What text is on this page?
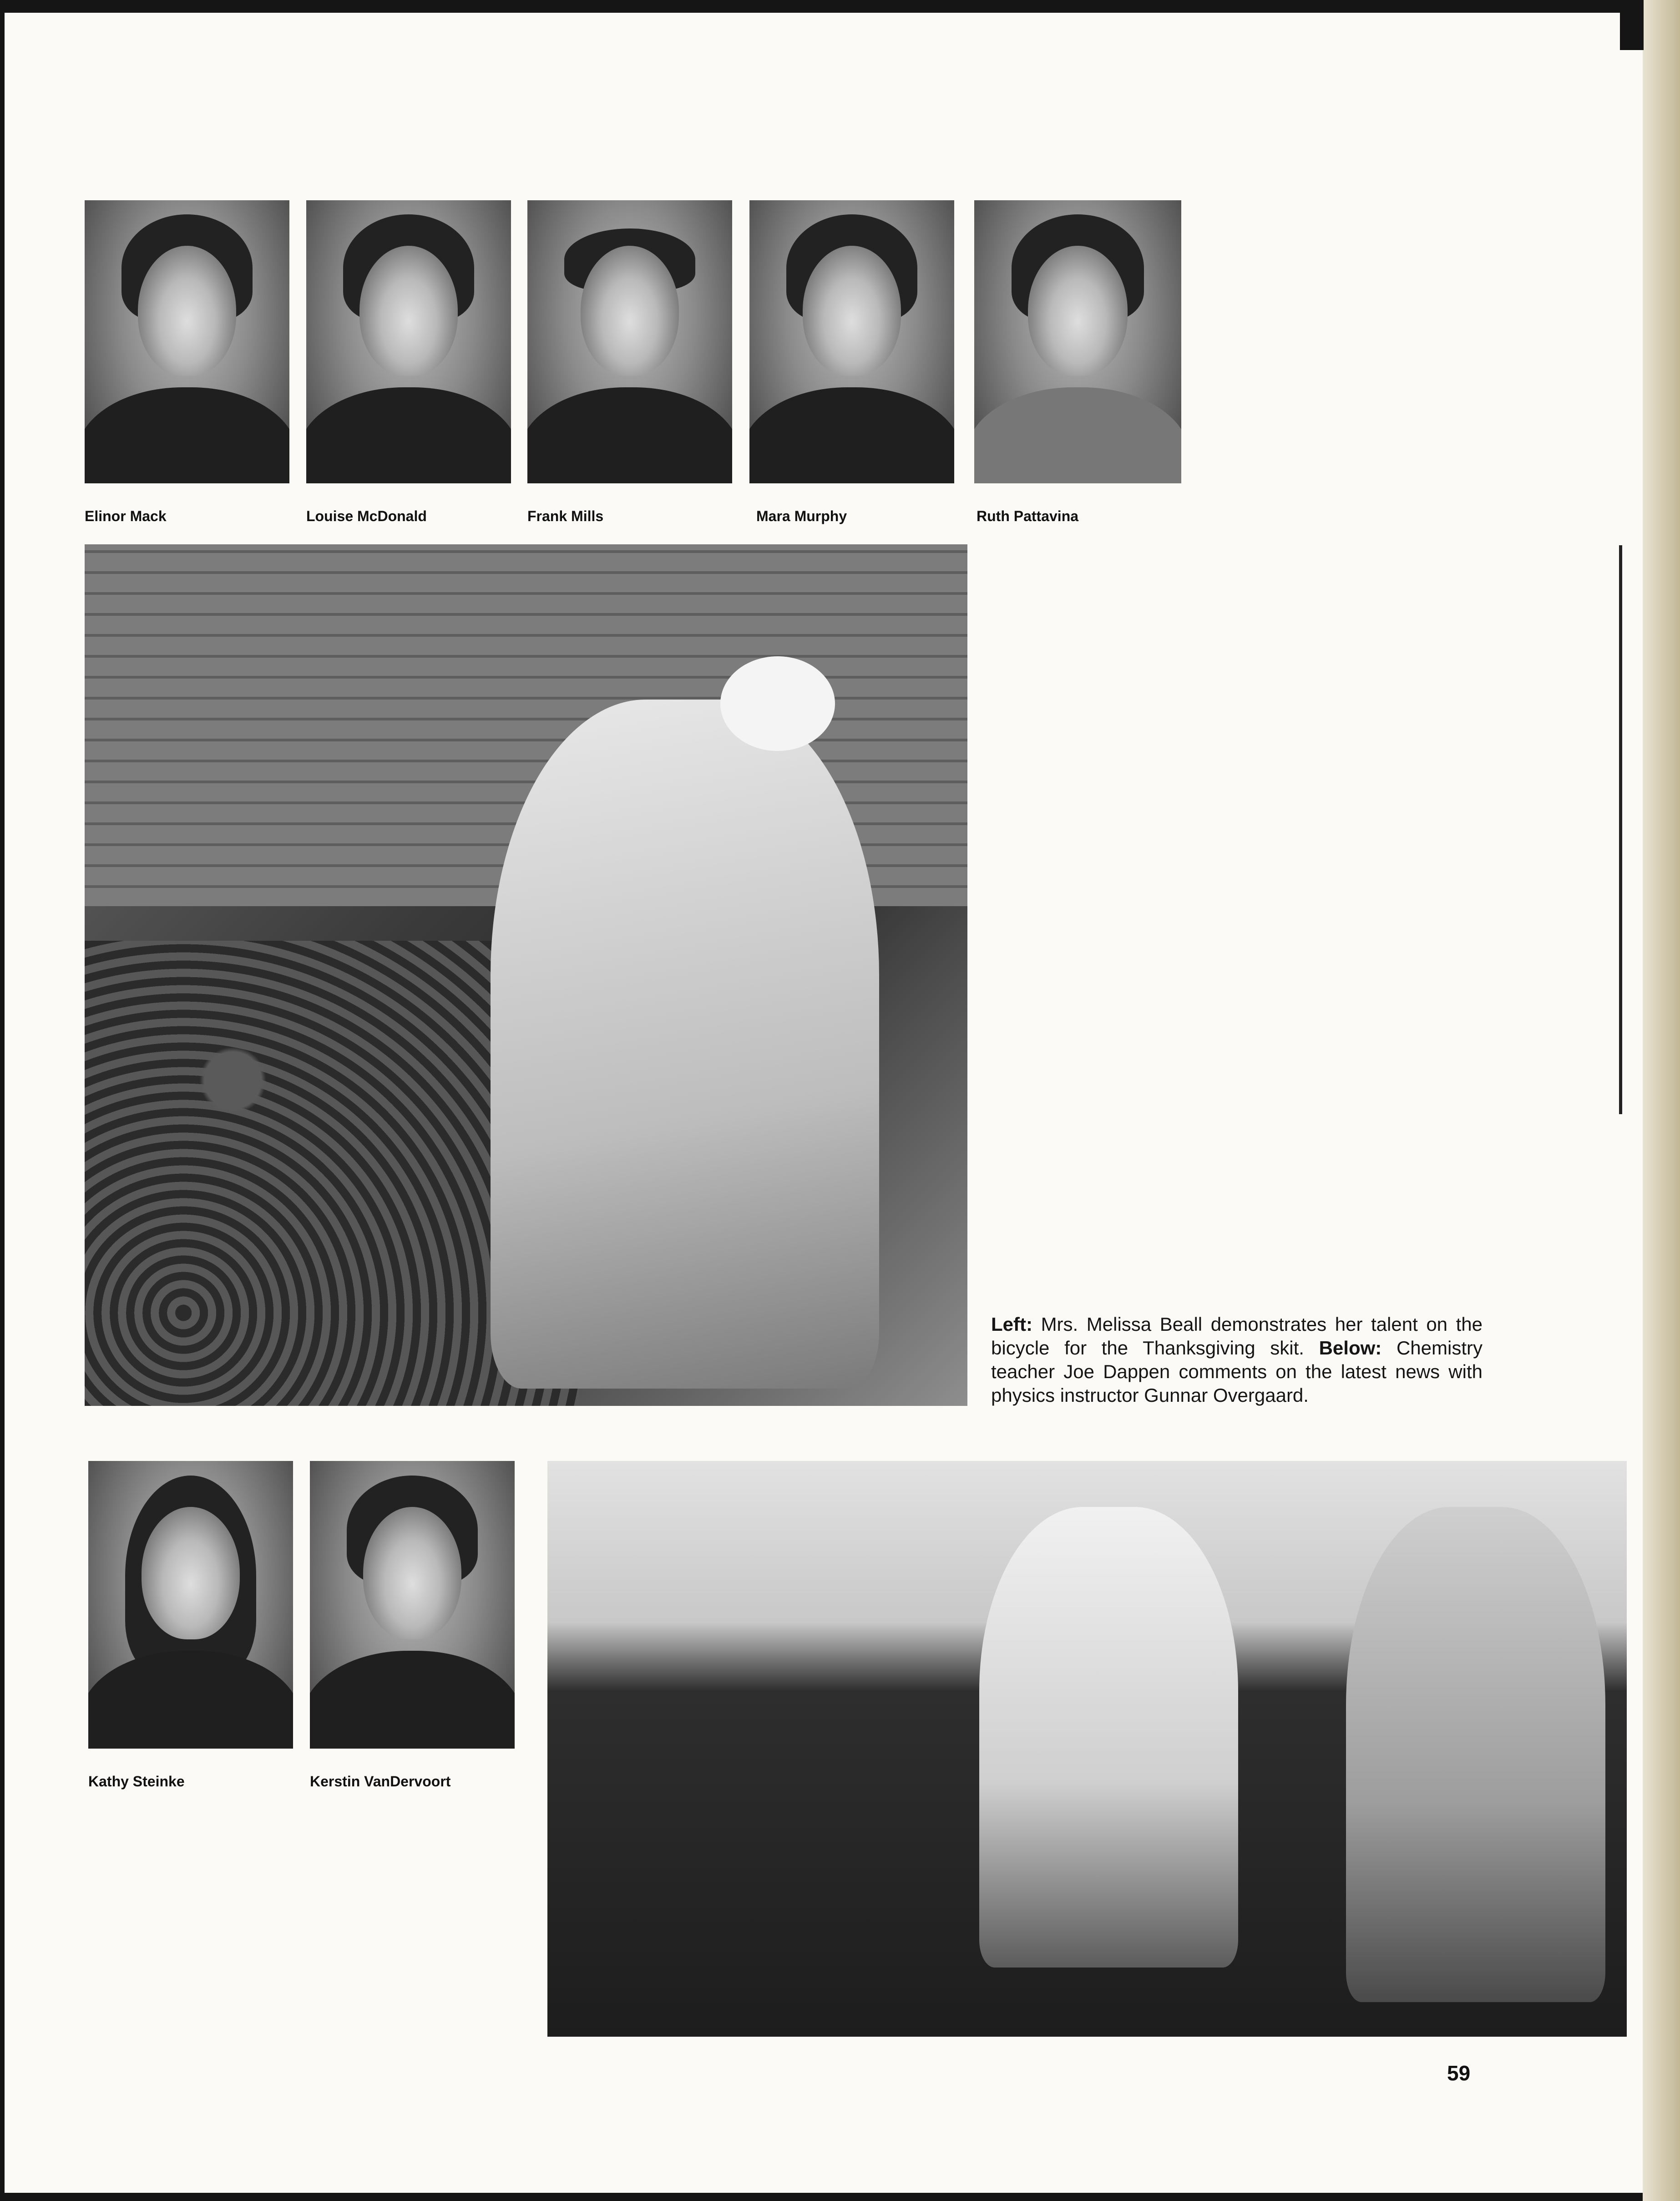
Elinor Mack	Louise McDonald	Frank Mills	Mara Murphy	Ruth Pattavina
Left: Mrs. Melissa Beall demonstrates her talent on the bicycle for the Thanksgiving skit. Below: Chemistry teacher Joe Dappen comments on the latest news with physics instructor Gunnar Overgaard.
Kathy Steinke	Kerstin VanDervoort
59
